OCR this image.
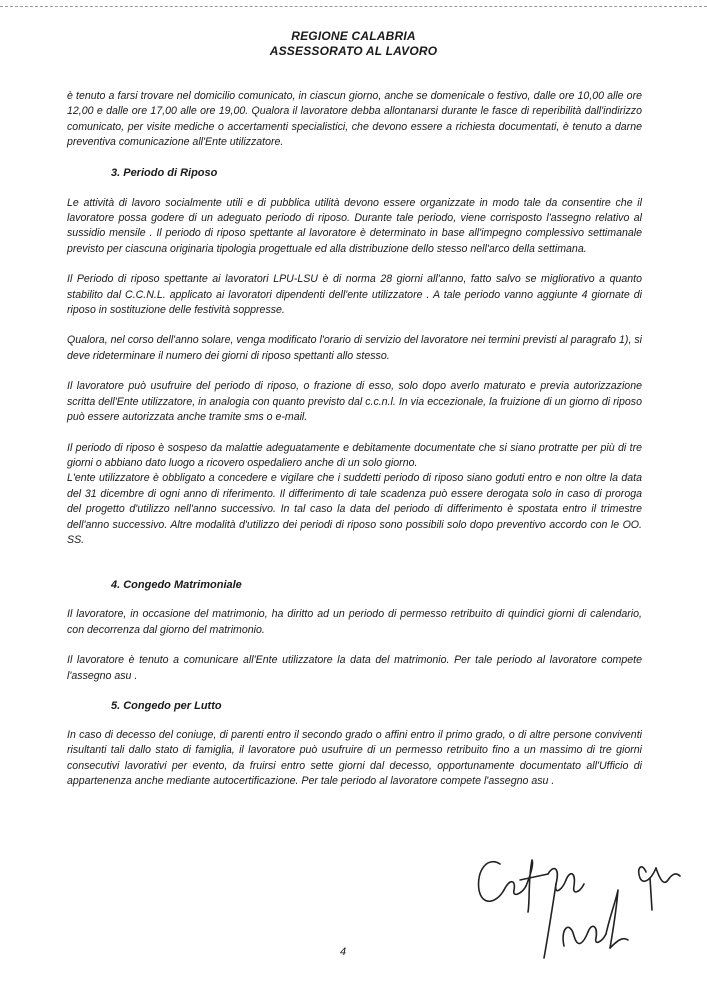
REGIONE CALABRIA
ASSESSORATO AL LAVORO

è tenuto a farsi trovare nel domicilio comunicato, in ciascun giorno, anche se domenicale o festivo, dalle ore 10,00 alle ore 12,00 e dalle ore 17,00 alle ore 19,00. Qualora il lavoratore debba allontanarsi durante le fasce di reperibilità dall'indirizzo comunicato, per visite mediche o accertamenti specialistici, che devono essere a richiesta documentati, è tenuto a darne preventiva comunicazione all'Ente utilizzatore.

3. Periodo di Riposo

Le attività di lavoro socialmente utili e di pubblica utilità devono essere organizzate in modo tale da consentire che il lavoratore possa godere di un adeguato periodo di riposo. Durante tale periodo, viene corrisposto l'assegno relativo al sussidio mensile . Il periodo di riposo spettante al lavoratore è determinato in base all'impegno complessivo settimanale previsto per ciascuna originaria tipologia progettuale ed alla distribuzione dello stesso nell'arco della settimana.

Il Periodo di riposo spettante ai lavoratori LPU-LSU è di norma 28 giorni all'anno, fatto salvo se migliorativo a quanto stabilito dal C.C.N.L. applicato ai lavoratori dipendenti dell'ente utilizzatore . A tale periodo vanno aggiunte 4 giornate di riposo in sostituzione delle festività soppresse.

Qualora, nel corso dell'anno solare, venga modificato l'orario di servizio del lavoratore nei termini previsti al paragrafo 1), si deve rideterminare il numero dei giorni di riposo spettanti allo stesso.

Il lavoratore può usufruire del periodo di riposo, o frazione di esso, solo dopo averlo maturato e previa autorizzazione scritta dell'Ente utilizzatore, in analogia con quanto previsto dal c.c.n.l. In via eccezionale, la fruizione di un giorno di riposo può essere autorizzata anche tramite sms o e-mail.

Il periodo di riposo è sospeso da malattie adeguatamente e debitamente documentate che si siano protratte per più di tre giorni o abbiano dato luogo a ricovero ospedaliero anche di un solo giorno.

L'ente utilizzatore è obbligato a concedere e vigilare che i suddetti periodo di riposo siano goduti entro e non oltre la data del 31 dicembre di ogni anno di riferimento. Il differimento di tale scadenza può essere derogata solo in caso di proroga del progetto d'utilizzo nell'anno successivo. In tal caso la data del periodo di differimento è spostata entro il trimestre dell'anno successivo. Altre modalità d'utilizzo dei periodi di riposo sono possibili solo dopo preventivo accordo con le OO. SS.

4. Congedo Matrimoniale

Il lavoratore, in occasione del matrimonio, ha diritto ad un periodo di permesso retribuito di quindici giorni di calendario, con decorrenza dal giorno del matrimonio.

Il lavoratore è tenuto a comunicare all'Ente utilizzatore la data del matrimonio. Per tale periodo al lavoratore compete l'assegno asu .

5. Congedo per Lutto

In caso di decesso del coniuge, di parenti entro il secondo grado o affini entro il primo grado, o di altre persone conviventi risultanti tali dallo stato di famiglia, il lavoratore può usufruire di un permesso retribuito fino a un massimo di tre giorni consecutivi lavorativi per evento, da fruirsi entro sette giorni dal decesso, opportunamente documentato all'Ufficio di appartenenza anche mediante autocertificazione. Per tale periodo al lavoratore compete l'assegno asu .

4
